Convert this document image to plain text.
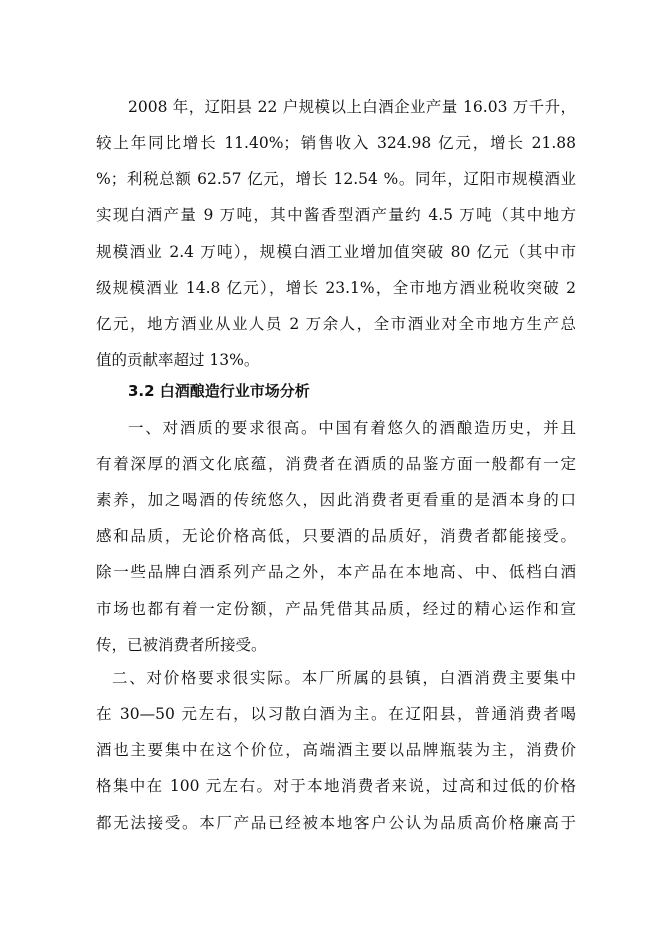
2008 年，辽阳县 22 户规模以上白酒企业产量 16.03 万千升，
较上年同比增长 11.40%；销售收入 324.98 亿元，增长 21.88
%；利税总额 62.57 亿元，增长 12.54 %。同年，辽阳市规模酒业
实现白酒产量 9 万吨，其中酱香型酒产量约 4.5 万吨（其中地方
规模酒业 2.4 万吨），规模白酒工业增加值突破 80 亿元（其中市
级规模酒业 14.8 亿元），增长 23.1%，全市地方酒业税收突破 2
亿元，地方酒业从业人员 2 万余人，全市酒业对全市地方生产总
值的贡献率超过 13%。
3.2 白酒酿造行业市场分析
一、对酒质的要求很高。中国有着悠久的酒酿造历史，并且
有着深厚的酒文化底蕴，消费者在酒质的品鉴方面一般都有一定
素养，加之喝酒的传统悠久，因此消费者更看重的是酒本身的口
感和品质，无论价格高低，只要酒的品质好，消费者都能接受。
除一些品牌白酒系列产品之外，本产品在本地高、中、低档白酒
市场也都有着一定份额，产品凭借其品质，经过的精心运作和宣
传，已被消费者所接受。
二、对价格要求很实际。本厂所属的县镇，白酒消费主要集中
在 30—50 元左右，以习散白酒为主。在辽阳县，普通消费者喝
酒也主要集中在这个价位，高端酒主要以品牌瓶装为主，消费价
格集中在 100 元左右。对于本地消费者来说，过高和过低的价格
都无法接受。本厂产品已经被本地客户公认为品质高价格廉高于
